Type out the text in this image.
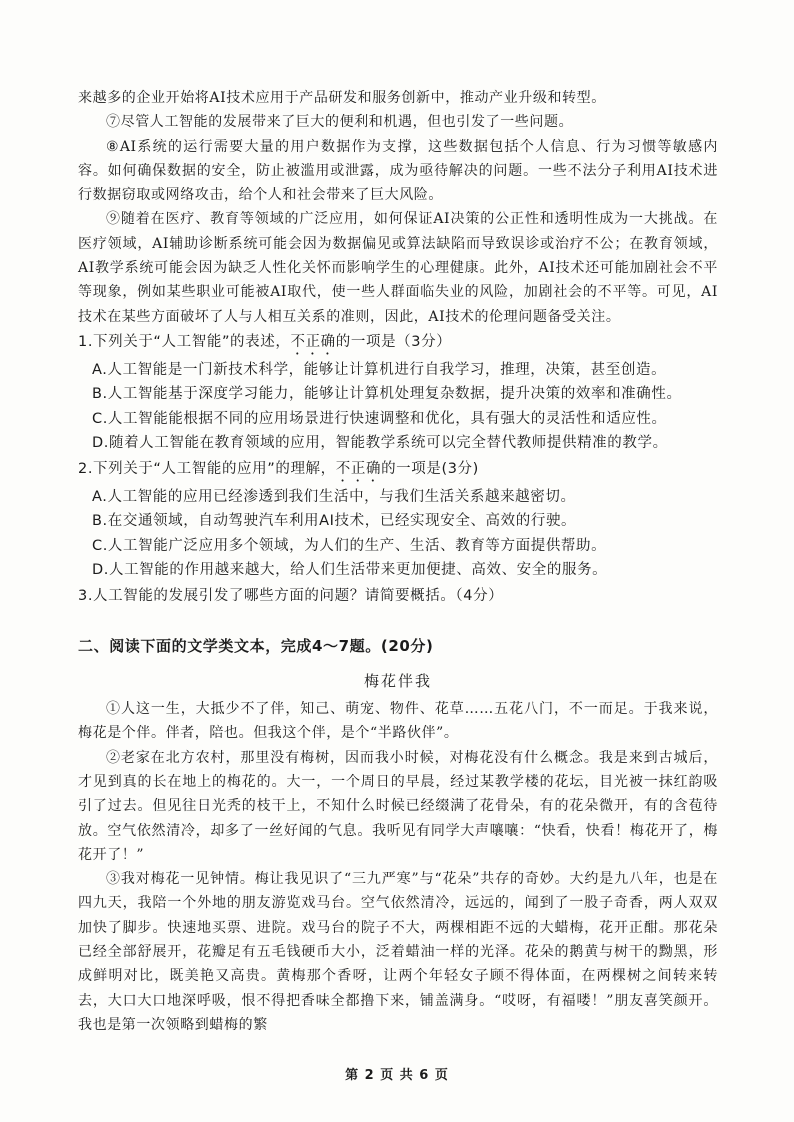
来越多的企业开始将AI技术应用于产品研发和服务创新中，推动产业升级和转型。

⑦尽管人工智能的发展带来了巨大的便利和机遇，但也引发了一些问题。

⑧AI系统的运行需要大量的用户数据作为支撑，这些数据包括个人信息、行为习惯等敏感内容。如何确保数据的安全，防止被滥用或泄露，成为亟待解决的问题。一些不法分子利用AI技术进行数据窃取或网络攻击，给个人和社会带来了巨大风险。

⑨随着在医疗、教育等领域的广泛应用，如何保证AI决策的公正性和透明性成为一大挑战。在医疗领域，AI辅助诊断系统可能会因为数据偏见或算法缺陷而导致误诊或治疗不公；在教育领域，AI教学系统可能会因为缺乏人性化关怀而影响学生的心理健康。此外，AI技术还可能加剧社会不平等现象，例如某些职业可能被AI取代，使一些人群面临失业的风险，加剧社会的不平等。可见，AI技术在某些方面破坏了人与人相互关系的准则，因此，AI技术的伦理问题备受关注。

1.下列关于“人工智能”的表述，不正确的一项是（3分）

A.人工智能是一门新技术科学，能够让计算机进行自我学习，推理，决策，甚至创造。

B.人工智能基于深度学习能力，能够让计算机处理复杂数据，提升决策的效率和准确性。

C.人工智能能根据不同的应用场景进行快速调整和优化，具有强大的灵活性和适应性。

D.随着人工智能在教育领域的应用，智能教学系统可以完全替代教师提供精准的教学。

2.下列关于“人工智能的应用”的理解，不正确的一项是(3分)

A.人工智能的应用已经渗透到我们生活中，与我们生活关系越来越密切。

B.在交通领域，自动驾驶汽车利用AI技术，已经实现安全、高效的行驶。

C.人工智能广泛应用多个领域，为人们的生产、生活、教育等方面提供帮助。

D.人工智能的作用越来越大，给人们生活带来更加便捷、高效、安全的服务。

3.人工智能的发展引发了哪些方面的问题？请简要概括。（4分）

二、阅读下面的文学类文本，完成4～7题。(20分)

梅花伴我

①人这一生，大抵少不了伴，知己、萌宠、物件、花草……五花八门，不一而足。于我来说，梅花是个伴。伴者，陪也。但我这个伴，是个“半路伙伴”。

②老家在北方农村，那里没有梅树，因而我小时候，对梅花没有什么概念。我是来到古城后，才见到真的长在地上的梅花的。大一，一个周日的早晨，经过某教学楼的花坛，目光被一抹红韵吸引了过去。但见往日光秃的枝干上，不知什么时候已经缀满了花骨朵，有的花朵微开，有的含苞待放。空气依然清冷，却多了一丝好闻的气息。我听见有同学大声嚷嚷：“快看，快看！梅花开了，梅花开了！”

③我对梅花一见钟情。梅让我见识了“三九严寒”与“花朵”共存的奇妙。大约是九八年，也是在四九天，我陪一个外地的朋友游览戏马台。空气依然清冷，远远的，闻到了一股子奇香，两人双双加快了脚步。快速地买票、进院。戏马台的院子不大，两棵相距不远的大蜡梅，花开正酣。那花朵已经全部舒展开，花瓣足有五毛钱硬币大小，泛着蜡油一样的光泽。花朵的鹅黄与树干的黝黑，形成鲜明对比，既美艳又高贵。黄梅那个香呀，让两个年轻女子顾不得体面，在两棵树之间转来转去，大口大口地深呼吸，恨不得把香味全都撸下来，铺盖满身。“哎呀，有福喽！”朋友喜笑颜开。我也是第一次领略到蜡梅的繁

第 2 页 共 6 页
